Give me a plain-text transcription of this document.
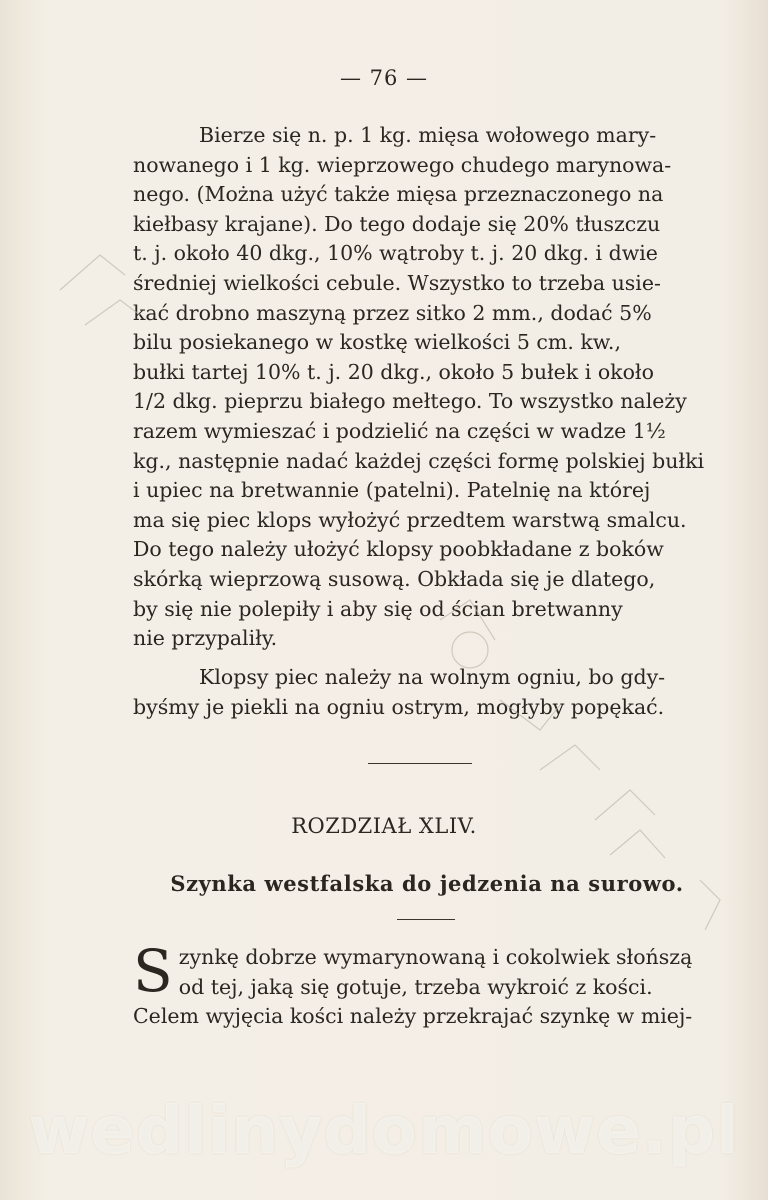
— 76 —
Bierze się n. p. 1 kg. mięsa wołowego mary-
nowanego i 1 kg. wieprzowego chudego marynowa-
nego. (Można użyć także mięsa przeznaczonego na
kiełbasy krajane). Do tego dodaje się 20% tłuszczu
t. j. około 40 dkg., 10% wątroby t. j. 20 dkg. i dwie
średniej wielkości cebule. Wszystko to trzeba usie-
kać drobno maszyną przez sitko 2 mm., dodać 5%
bilu posiekanego w kostkę wielkości 5 cm. kw.,
bułki tartej 10% t. j. 20 dkg., około 5 bułek i około
1/2 dkg. pieprzu białego mełtego. To wszystko należy
razem wymieszać i podzielić na części w wadze 1½
kg., następnie nadać każdej części formę polskiej bułki
i upiec na bretwannie (patelni). Patelnię na której
ma się piec klops wyłożyć przedtem warstwą smalcu.
Do tego należy ułożyć klopsy poobkładane z boków
skórką wieprzową susową. Obkłada się je dlatego,
by się nie polepiły i aby się od ścian bretwanny
nie przypaliły.
Klopsy piec należy na wolnym ogniu, bo gdy-
byśmy je piekli na ogniu ostrym, mogłyby popękać.
ROZDZIAŁ XLIV.
Szynka westfalska do jedzenia na surowo.
S zynkę dobrze wymarynowaną i cokolwiek słońszą
od tej, jaką się gotuje, trzeba wykroić z kości.
Celem wyjęcia kości należy przekrajać szynkę w miej-
wedlinydomowe.pl
